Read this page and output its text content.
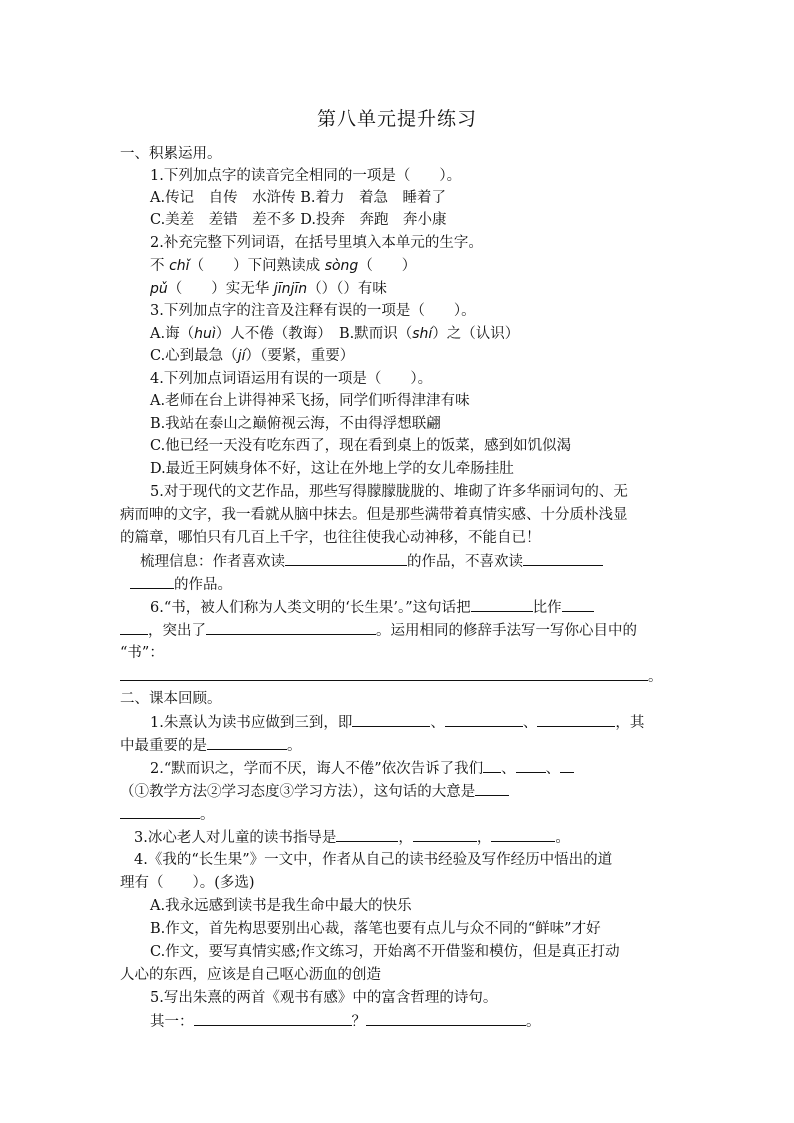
第八单元提升练习
一、积累运用。
1.下列加点字的读音完全相同的一项是（　　）。
A.传记　自传　水浒传 B.着力　着急　睡着了
C.美差　差错　差不多 D.投奔　奔跑　奔小康
2.补充完整下列词语，在括号里填入本单元的生字。
不 chǐ（　　）下问熟读成 sòng（　　）
pǔ（　　）实无华 jīnjīn（）（）有味
3.下列加点字的注音及注释有误的一项是（　　）。
A.诲（huì）人不倦（教诲）　B.默而识（shí）之（认识）
C.心到最急（jí）（要紧，重要）
4.下列加点词语运用有误的一项是（　　）。
A.老师在台上讲得神采飞扬，同学们听得津津有味
B.我站在泰山之巅俯视云海，不由得浮想联翩
C.他已经一天没有吃东西了，现在看到桌上的饭菜，感到如饥似渴
D.最近王阿姨身体不好，这让在外地上学的女儿牵肠挂肚
5.对于现代的文艺作品，那些写得朦朦胧胧的、堆砌了许多华丽词句的、无
病而呻的文字，我一看就从脑中抹去。但是那些满带着真情实感、十分质朴浅显
的篇章，哪怕只有几百上千字，也往往使我心动神移，不能自已！
梳理信息：作者喜欢读	的作品，不喜欢读
的作品。
6.“书，被人们称为人类文明的‘长生果’。”这句话把	比作
，突出了	。运用相同的修辞手法写一写你心目中的
“书”：
。
二、课本回顾。
1.朱熹认为读书应做到三到，即	、	、	，其
中最重要的是	。
2.“默而识之，学而不厌，诲人不倦”依次告诉了我们 、 、
（①教学方法②学习态度③学习方法），这句话的大意是
。
3.冰心老人对儿童的读书指导是	，	，	。
4.《我的“长生果”》一文中，作者从自己的读书经验及写作经历中悟出的道
理有（　　）。(多选)
A.我永远感到读书是我生命中最大的快乐
B.作文，首先构思要别出心裁，落笔也要有点儿与众不同的“鲜味”才好
C.作文，要写真情实感;作文练习，开始离不开借鉴和模仿，但是真正打动
人心的东西，应该是自己呕心沥血的创造
5.写出朱熹的两首《观书有感》中的富含哲理的诗句。
其一：	？	。
